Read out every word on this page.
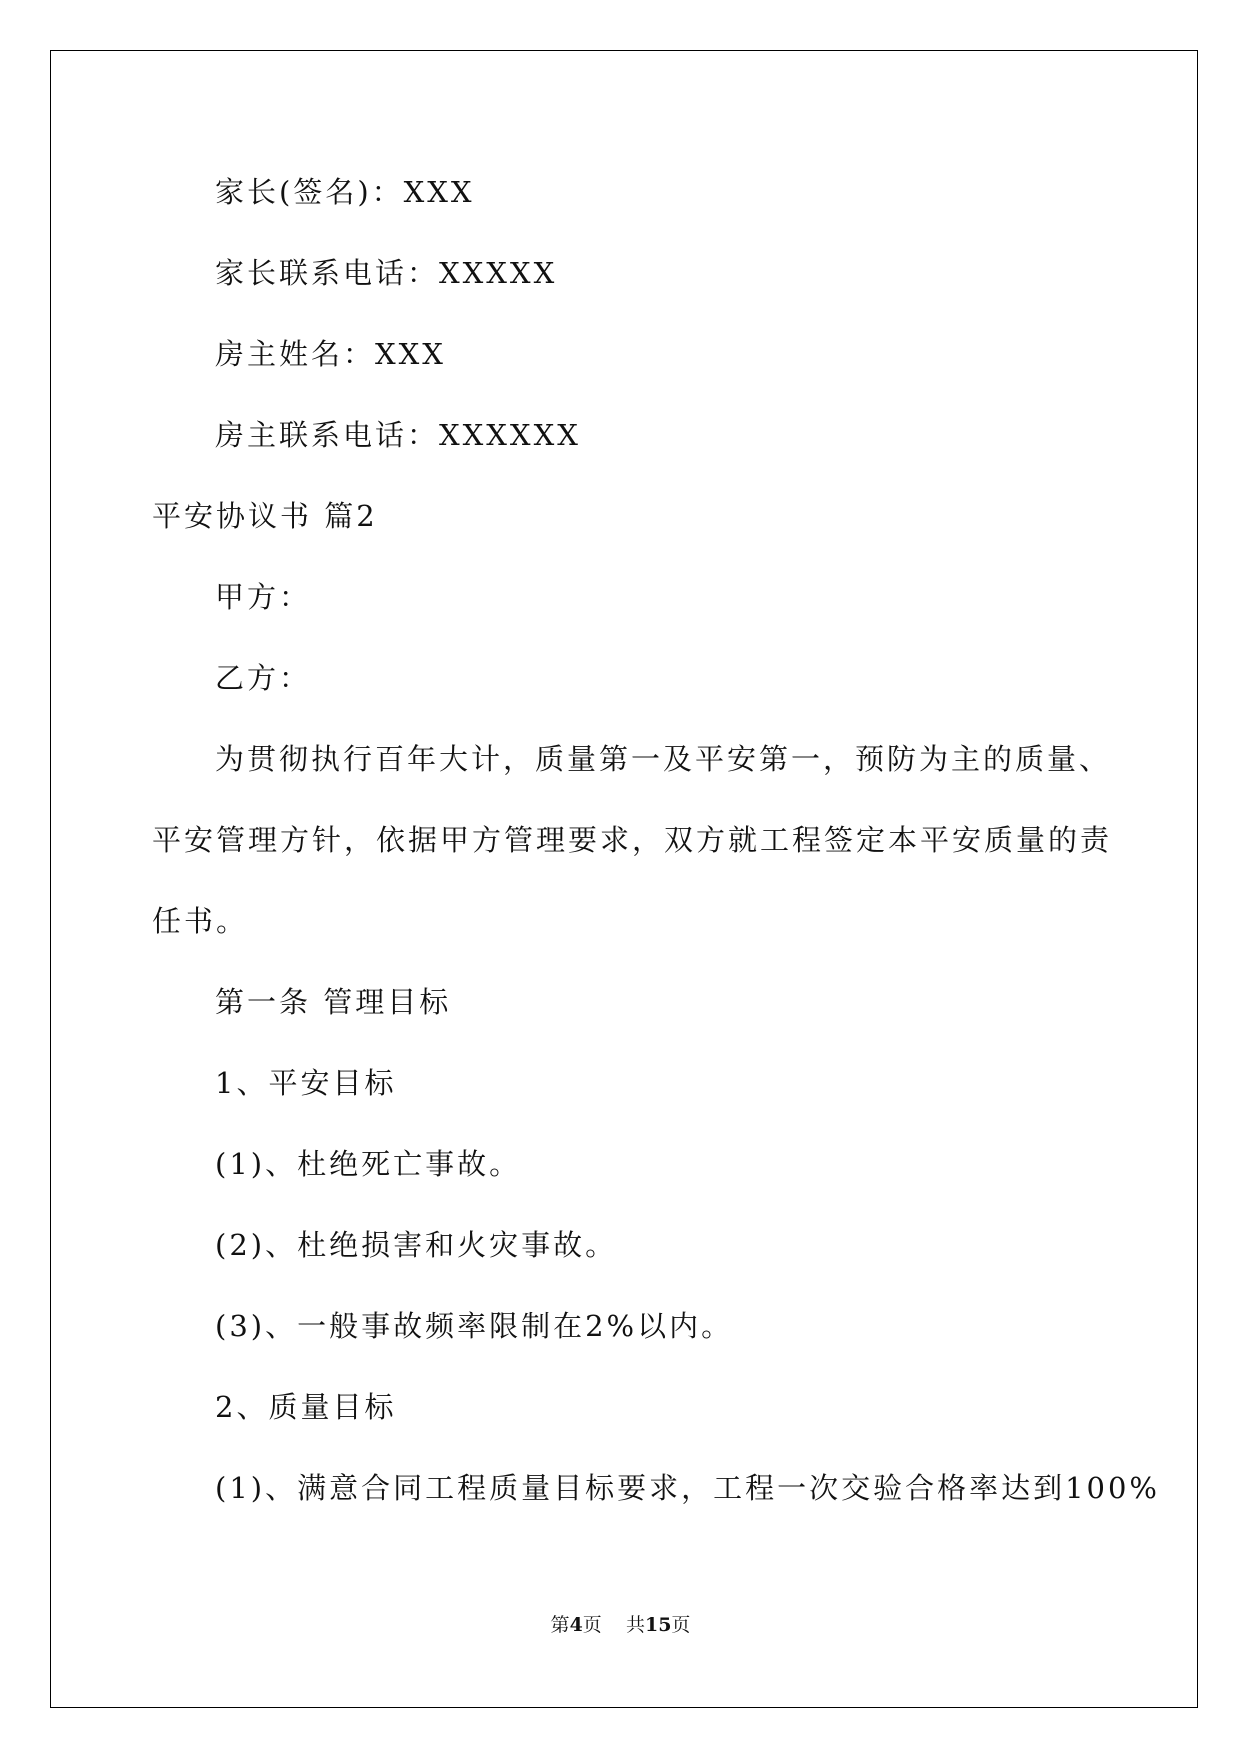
家长(签名)：XXX
家长联系电话：XXXXX
房主姓名：XXX
房主联系电话：XXXXXX
平安协议书 篇2
甲方：
乙方：
为贯彻执行百年大计，质量第一及平安第一，预防为主的质量、
平安管理方针，依据甲方管理要求，双方就工程签定本平安质量的责
任书。
第一条 管理目标
1、平安目标
(1)、杜绝死亡事故。
(2)、杜绝损害和火灾事故。
(3)、一般事故频率限制在2%以内。
2、质量目标
(1)、满意合同工程质量目标要求，工程一次交验合格率达到100%
第4页    共15页
